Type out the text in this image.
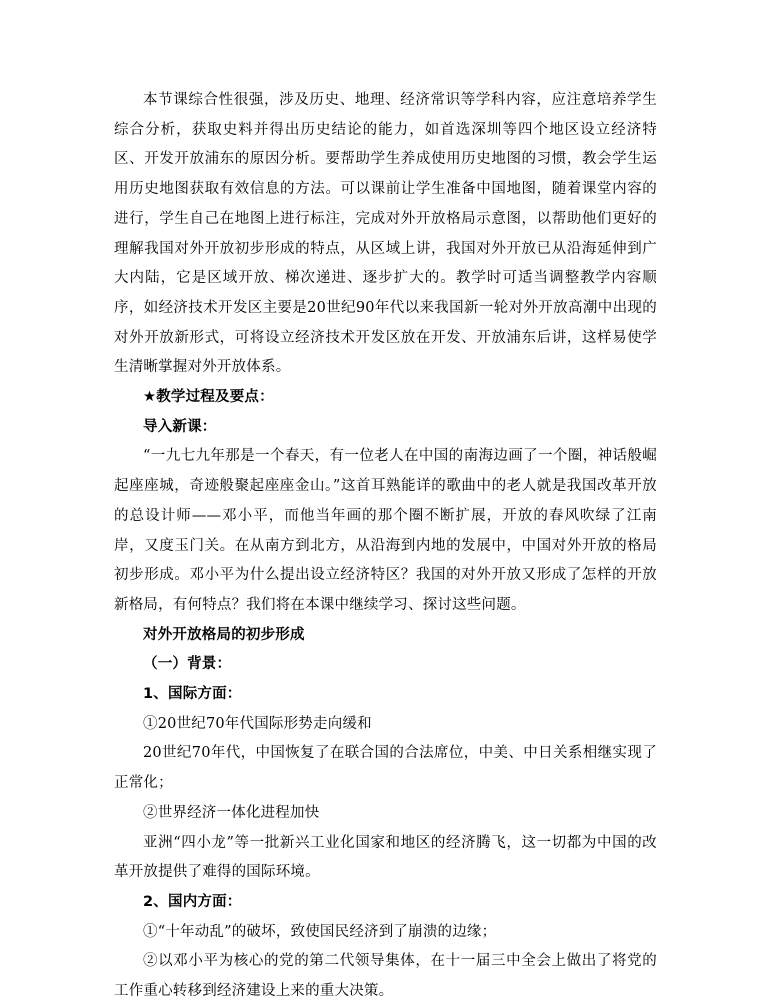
本节课综合性很强，涉及历史、地理、经济常识等学科内容，应注意培养学生综合分析，获取史料并得出历史结论的能力，如首选深圳等四个地区设立经济特区、开发开放浦东的原因分析。要帮助学生养成使用历史地图的习惯，教会学生运用历史地图获取有效信息的方法。可以课前让学生准备中国地图，随着课堂内容的进行，学生自己在地图上进行标注，完成对外开放格局示意图，以帮助他们更好的理解我国对外开放初步形成的特点，从区域上讲，我国对外开放已从沿海延伸到广大内陆，它是区域开放、梯次递进、逐步扩大的。教学时可适当调整教学内容顺序，如经济技术开发区主要是20世纪90年代以来我国新一轮对外开放高潮中出现的对外开放新形式，可将设立经济技术开发区放在开发、开放浦东后讲，这样易使学生清晰掌握对外开放体系。

★教学过程及要点：

导入新课：

“一九七九年那是一个春天，有一位老人在中国的南海边画了一个圈，神话般崛起座座城，奇迹般聚起座座金山。”这首耳熟能详的歌曲中的老人就是我国改革开放的总设计师——邓小平，而他当年画的那个圈不断扩展，开放的春风吹绿了江南岸，又度玉门关。在从南方到北方，从沿海到内地的发展中，中国对外开放的格局初步形成。邓小平为什么提出设立经济特区？我国的对外开放又形成了怎样的开放新格局，有何特点？我们将在本课中继续学习、探讨这些问题。

对外开放格局的初步形成

（一）背景：

1、国际方面：

①20世纪70年代国际形势走向缓和

20世纪70年代，中国恢复了在联合国的合法席位，中美、中日关系相继实现了正常化；

②世界经济一体化进程加快

亚洲“四小龙”等一批新兴工业化国家和地区的经济腾飞，这一切都为中国的改革开放提供了难得的国际环境。

2、国内方面：

①“十年动乱”的破坏，致使国民经济到了崩溃的边缘；

②以邓小平为核心的党的第二代领导集体，在十一届三中全会上做出了将党的工作重心转移到经济建设上来的重大决策。
